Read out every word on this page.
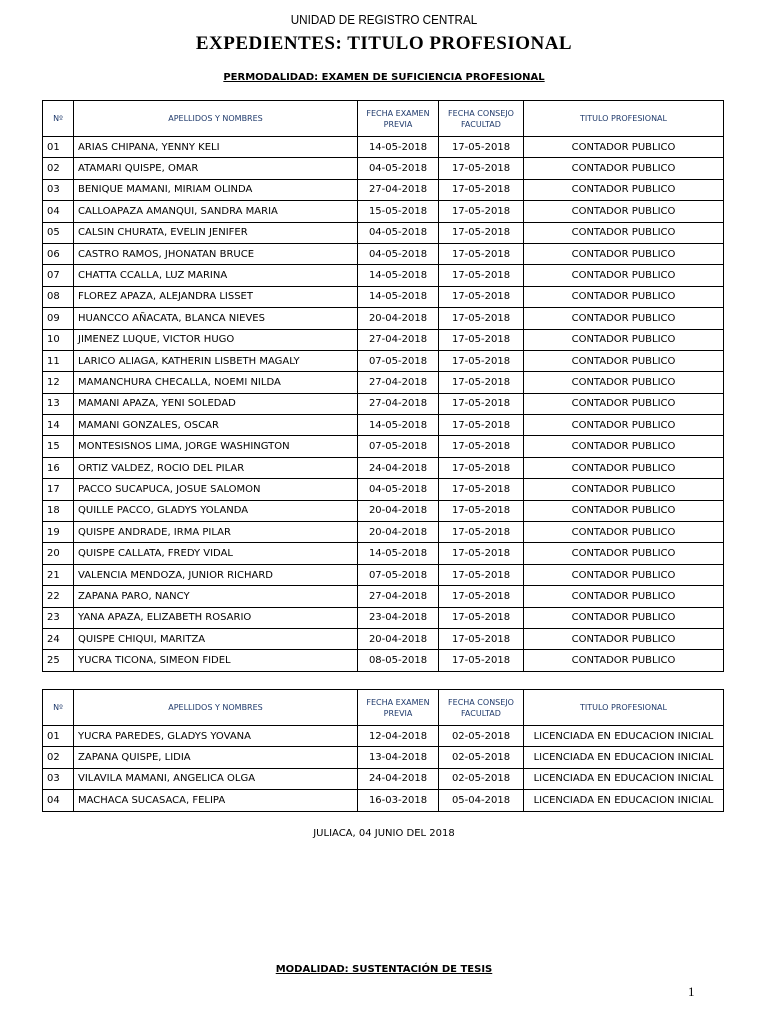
UNIDAD DE REGISTRO CENTRAL
EXPEDIENTES: TITULO PROFESIONAL
PERMODALIDAD: EXAMEN DE SUFICIENCIA PROFESIONAL
Nº	APELLIDOS Y NOMBRES	FECHA EXAMEN PREVIA	FECHA CONSEJO FACULTAD	TITULO PROFESIONAL
01	ARIAS CHIPANA, YENNY KELI	14-05-2018	17-05-2018	CONTADOR PUBLICO
02	ATAMARI QUISPE, OMAR	04-05-2018	17-05-2018	CONTADOR PUBLICO
03	BENIQUE MAMANI, MIRIAM OLINDA	27-04-2018	17-05-2018	CONTADOR PUBLICO
04	CALLOAPAZA AMANQUI, SANDRA MARIA	15-05-2018	17-05-2018	CONTADOR PUBLICO
05	CALSIN CHURATA, EVELIN JENIFER	04-05-2018	17-05-2018	CONTADOR PUBLICO
06	CASTRO RAMOS, JHONATAN BRUCE	04-05-2018	17-05-2018	CONTADOR PUBLICO
07	CHATTA CCALLA, LUZ MARINA	14-05-2018	17-05-2018	CONTADOR PUBLICO
08	FLOREZ APAZA, ALEJANDRA LISSET	14-05-2018	17-05-2018	CONTADOR PUBLICO
09	HUANCCO AÑACATA, BLANCA NIEVES	20-04-2018	17-05-2018	CONTADOR PUBLICO
10	JIMENEZ LUQUE, VICTOR HUGO	27-04-2018	17-05-2018	CONTADOR PUBLICO
11	LARICO ALIAGA, KATHERIN LISBETH MAGALY	07-05-2018	17-05-2018	CONTADOR PUBLICO
12	MAMANCHURA CHECALLA, NOEMI NILDA	27-04-2018	17-05-2018	CONTADOR PUBLICO
13	MAMANI APAZA, YENI SOLEDAD	27-04-2018	17-05-2018	CONTADOR PUBLICO
14	MAMANI GONZALES, OSCAR	14-05-2018	17-05-2018	CONTADOR PUBLICO
15	MONTESISNOS LIMA, JORGE WASHINGTON	07-05-2018	17-05-2018	CONTADOR PUBLICO
16	ORTIZ VALDEZ, ROCIO DEL PILAR	24-04-2018	17-05-2018	CONTADOR PUBLICO
17	PACCO SUCAPUCA, JOSUE SALOMON	04-05-2018	17-05-2018	CONTADOR PUBLICO
18	QUILLE PACCO, GLADYS YOLANDA	20-04-2018	17-05-2018	CONTADOR PUBLICO
19	QUISPE ANDRADE, IRMA PILAR	20-04-2018	17-05-2018	CONTADOR PUBLICO
20	QUISPE CALLATA, FREDY VIDAL	14-05-2018	17-05-2018	CONTADOR PUBLICO
21	VALENCIA MENDOZA, JUNIOR RICHARD	07-05-2018	17-05-2018	CONTADOR PUBLICO
22	ZAPANA PARO, NANCY	27-04-2018	17-05-2018	CONTADOR PUBLICO
23	YANA APAZA, ELIZABETH ROSARIO	23-04-2018	17-05-2018	CONTADOR PUBLICO
24	QUISPE CHIQUI, MARITZA	20-04-2018	17-05-2018	CONTADOR PUBLICO
25	YUCRA TICONA, SIMEON FIDEL	08-05-2018	17-05-2018	CONTADOR PUBLICO
Nº	APELLIDOS Y NOMBRES	FECHA EXAMEN PREVIA	FECHA CONSEJO FACULTAD	TITULO PROFESIONAL
01	YUCRA PAREDES, GLADYS YOVANA	12-04-2018	02-05-2018	LICENCIADA EN EDUCACION INICIAL
02	ZAPANA QUISPE, LIDIA	13-04-2018	02-05-2018	LICENCIADA EN EDUCACION INICIAL
03	VILAVILA MAMANI, ANGELICA OLGA	24-04-2018	02-05-2018	LICENCIADA EN EDUCACION INICIAL
04	MACHACA SUCASACA, FELIPA	16-03-2018	05-04-2018	LICENCIADA EN EDUCACION INICIAL
JULIACA, 04 JUNIO DEL 2018
MODALIDAD: SUSTENTACIÓN DE TESIS
1
